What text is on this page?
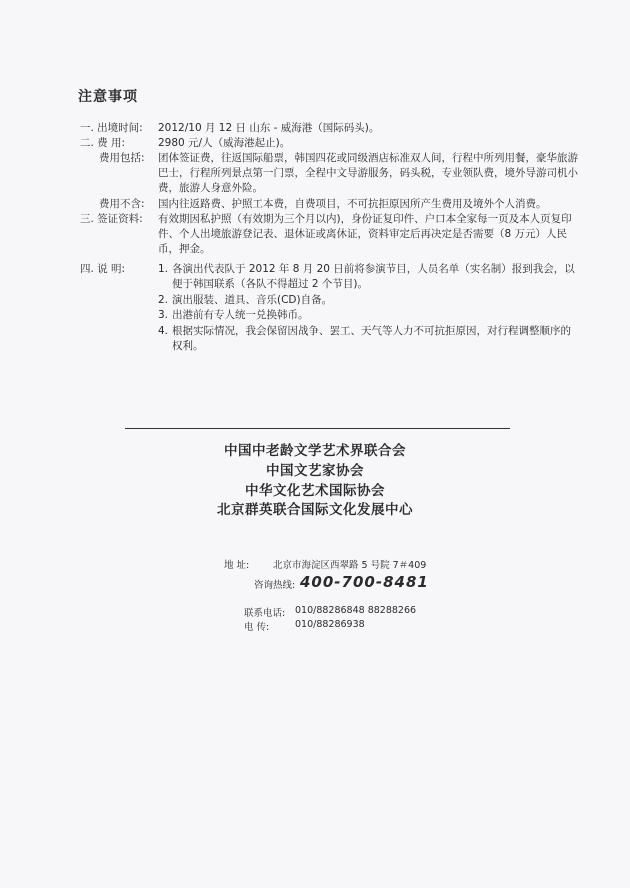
注意事项
一. 出境时间: 2012/10 月 12 日 山东 - 威海港（国际码头)。
二. 费 用:	2980 元/人（威海港起止)。
费用包括: 团体签证费，往返国际船票，韩国四花或同级酒店标准双人间，行程中所列用餐，豪华旅游巴士，行程所列景点第一门票，全程中文导游服务，码头税，专业领队费，境外导游司机小费，旅游人身意外险。
费用不含: 国内往返路费、护照工本费，自费项目，不可抗拒原因所产生费用及境外个人消费。
三. 签证资料: 有效期因私护照（有效期为三个月以内)，身份证复印件、户口本全家每一页及本人页复印件、个人出境旅游登记表、退休证或离休证，资料审定后再决定是否需要（8 万元）人民币，押金。
四. 说 明:	1. 各演出代表队于 2012 年 8 月 20 日前将参演节目，人员名单（实名制）报到我会，以便于韩国联系（各队不得超过 2 个节目)。
2. 演出服装、道具、音乐(CD)自备。
3. 出港前有专人统一兑换韩币。
4. 根据实际情况，我会保留因战争、罢工、天气等人力不可抗拒原因，对行程调整顺序的权利。
中国中老龄文学艺术界联合会
中国文艺家协会
中华文化艺术国际协会
北京群英联合国际文化发展中心
地 址:	北京市海淀区西翠路 5 号院 7＃409
咨询热线: 400-700-8481
联系电话: 010/88286848 88288266
电 传:	010/88286938
